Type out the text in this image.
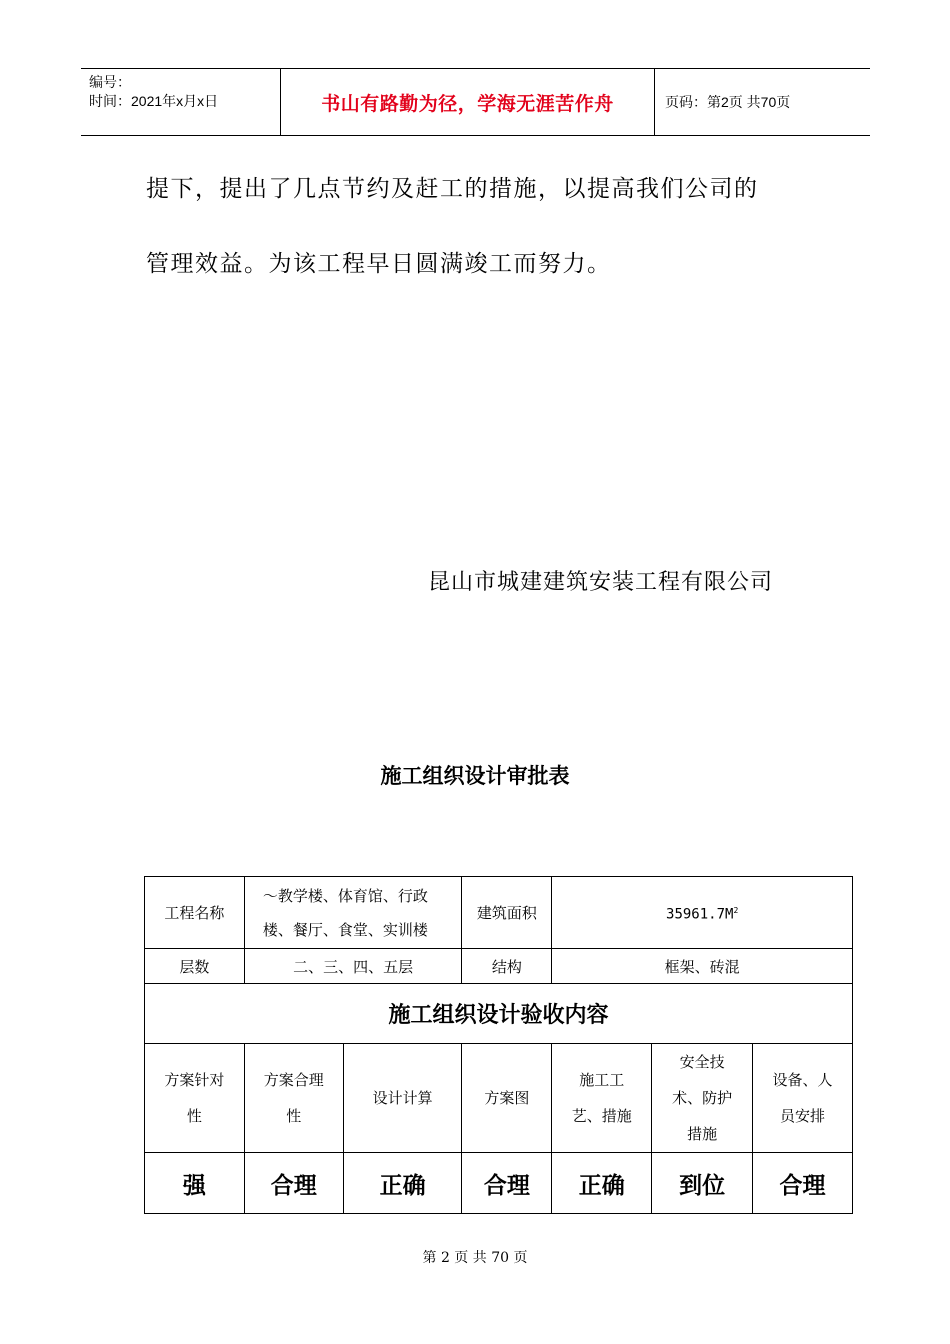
编号：
时间：2021年x月x日	书山有路勤为径，学海无涯苦作舟	页码：第2页 共70页
提下，提出了几点节约及赶工的措施，以提高我们公司的
管理效益。为该工程早日圆满竣工而努力。
昆山市城建建筑安装工程有限公司
施工组织设计审批表
工程名称	～教学楼、体育馆、行政楼、餐厅、食堂、实训楼		建筑面积	$35961.7M^2$
层数	二、三、四、五层		结构	框架、砖混		
施工组织设计验收内容						
方案针对性	方案合理性	设计计算	方案图	施工工艺、措施	安全技术、防护措施	设备、人员安排
强	合理	正确	合理	正确	到位	合理
第 2 页 共 70 页
